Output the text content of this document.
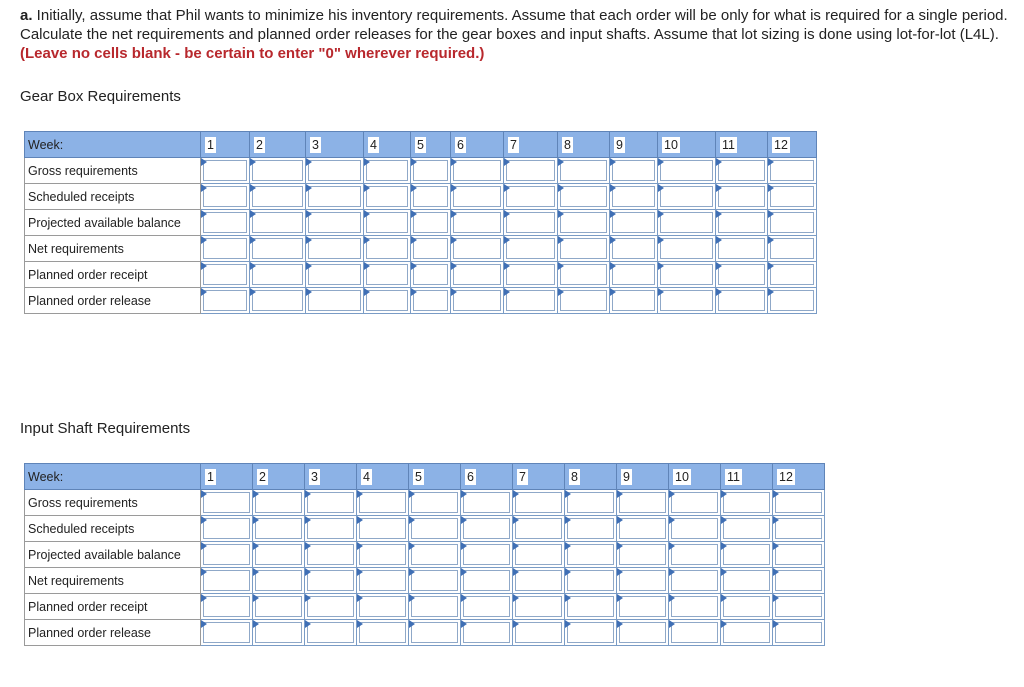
a. Initially, assume that Phil wants to minimize his inventory requirements. Assume that each order will be only for what is required for a single period. Calculate the net requirements and planned order releases for the gear boxes and input shafts. Assume that lot sizing is done using lot-for-lot (L4L). (Leave no cells blank - be certain to enter "0" wherever required.)
Gear Box Requirements
Week:	1	2	3	4	5	6	7	8	9	10	11	12
Gross requirements	

Scheduled receipts	

Projected available balance	

Net requirements	

Planned order receipt	

Planned order release	

Input Shaft Requirements
Week:	1	2	3	4	5	6	7	8	9	10	11	12
Gross requirements	

Scheduled receipts	

Projected available balance	

Net requirements	

Planned order receipt	

Planned order release	
